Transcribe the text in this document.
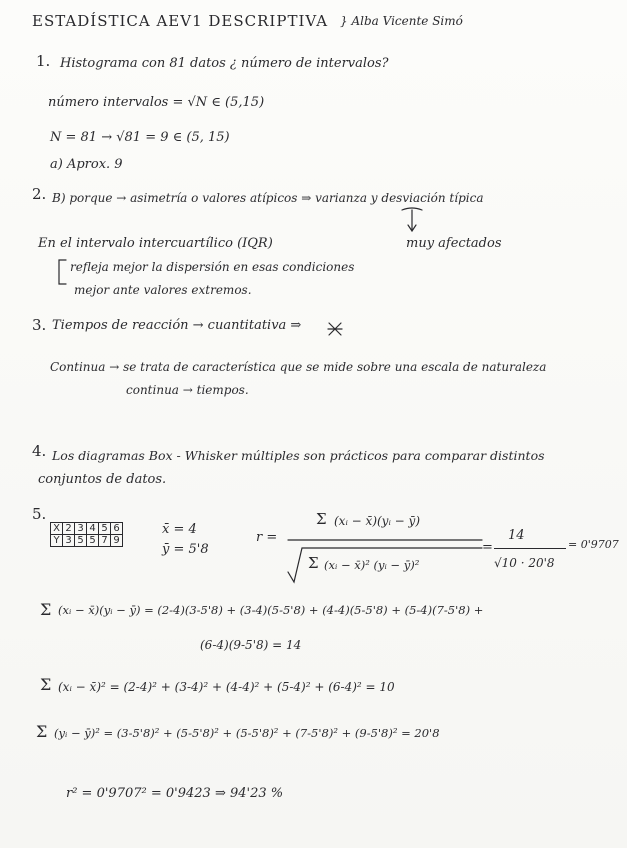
ESTADÍSTICA AEV1 DESCRIPTIVA } Alba Vicente Simó
1. Histograma con 81 datos ¿ número de intervalos?
número intervalos = √N ∈ (5,15)
N = 81 → √81 = 9 ∈ (5, 15)
a) Aprox. 9
2. B) porque → asimetría o valores atípicos ⇒ varianza y desviación típica
muy afectados
En el intervalo intercuartílico (IQR)
refleja mejor la dispersión en esas condiciones
mejor ante valores extremos.
3. Tiempos de reacción → cuantitativa ⇒
Continua → se trata de característica que se mide sobre una escala de naturaleza
continua → tiempos.
4. Los diagramas Box - Whisker múltiples son prácticos para comparar distintos
conjuntos de datos.
5.
X	2	3	4	5	6
Y	3	5	5	7	9
x̄ = 4
ȳ = 5'8
r =
Σ (xᵢ − x̄)(yᵢ − ȳ)
Σ (xᵢ − x̄)² (yᵢ − ȳ)²
=
14
√10 · 20'8
= 0'9707
Σ (xᵢ − x̄)(yᵢ − ȳ) = (2-4)(3-5'8) + (3-4)(5-5'8) + (4-4)(5-5'8) + (5-4)(7-5'8) +
(6-4)(9-5'8) = 14
Σ (xᵢ − x̄)² = (2-4)² + (3-4)² + (4-4)² + (5-4)² + (6-4)² = 10
Σ (yᵢ − ȳ)² = (3-5'8)² + (5-5'8)² + (5-5'8)² + (7-5'8)² + (9-5'8)² = 20'8
r² = 0'9707² = 0'9423 ⇒ 94'23 %
